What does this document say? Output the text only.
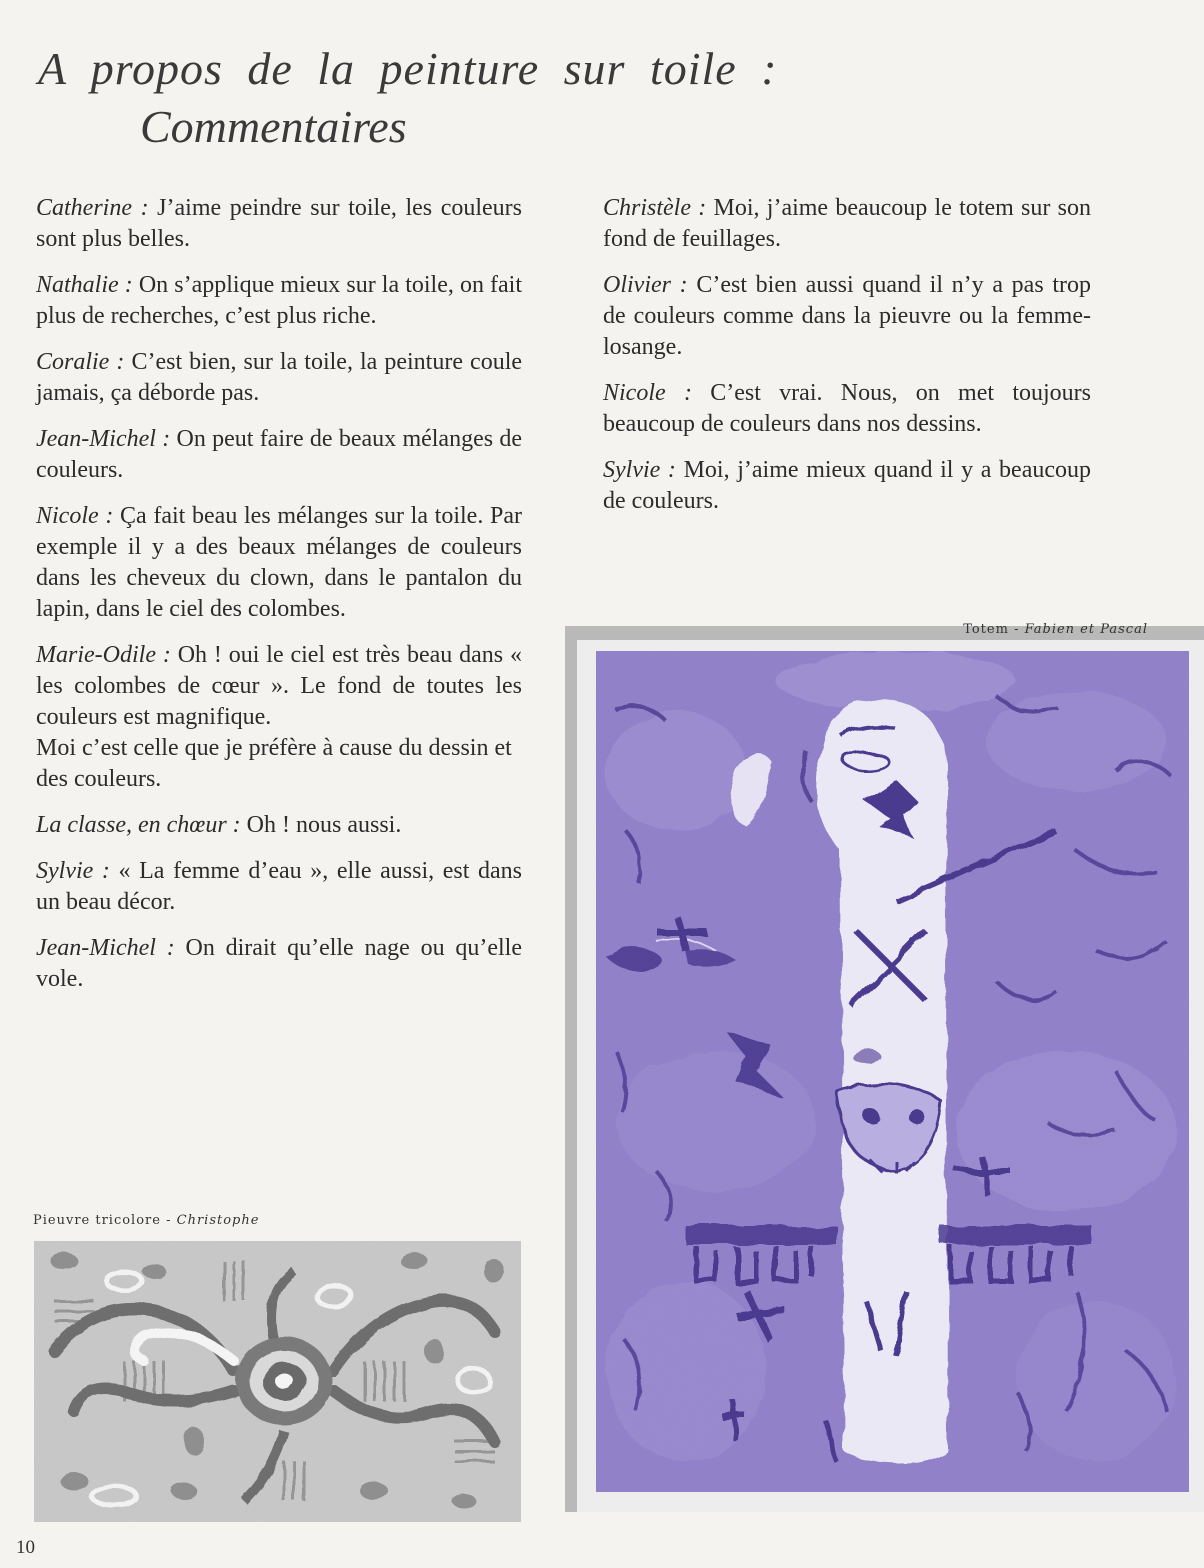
A propos de la peinture sur toile :
Commentaires

Catherine : J’aime peindre sur toile, les couleurs sont plus belles.

Nathalie : On s’applique mieux sur la toile, on fait plus de recherches, c’est plus riche.

Coralie : C’est bien, sur la toile, la peinture coule jamais, ça déborde pas.

Jean-Michel : On peut faire de beaux mélanges de couleurs.

Nicole : Ça fait beau les mélanges sur la toile. Par exemple il y a des beaux mélanges de couleurs dans les cheveux du clown, dans le pantalon du lapin, dans le ciel des colombes.

Marie-Odile : Oh ! oui le ciel est très beau dans « les colombes de cœur ». Le fond de toutes les couleurs est magnifique.
Moi c’est celle que je préfère à cause du dessin et des couleurs.

La classe, en chœur : Oh ! nous aussi.

Sylvie : « La femme d’eau », elle aussi, est dans un beau décor.

Jean-Michel : On dirait qu’elle nage ou qu’elle vole.

Christèle : Moi, j’aime beaucoup le totem sur son fond de feuillages.

Olivier : C’est bien aussi quand il n’y a pas trop de couleurs comme dans la pieuvre ou la femme-losange.

Nicole : C’est vrai. Nous, on met toujours beaucoup de couleurs dans nos dessins.

Sylvie : Moi, j’aime mieux quand il y a beaucoup de couleurs.

Totem - Fabien et Pascal
Pieuvre tricolore - Christophe
10
